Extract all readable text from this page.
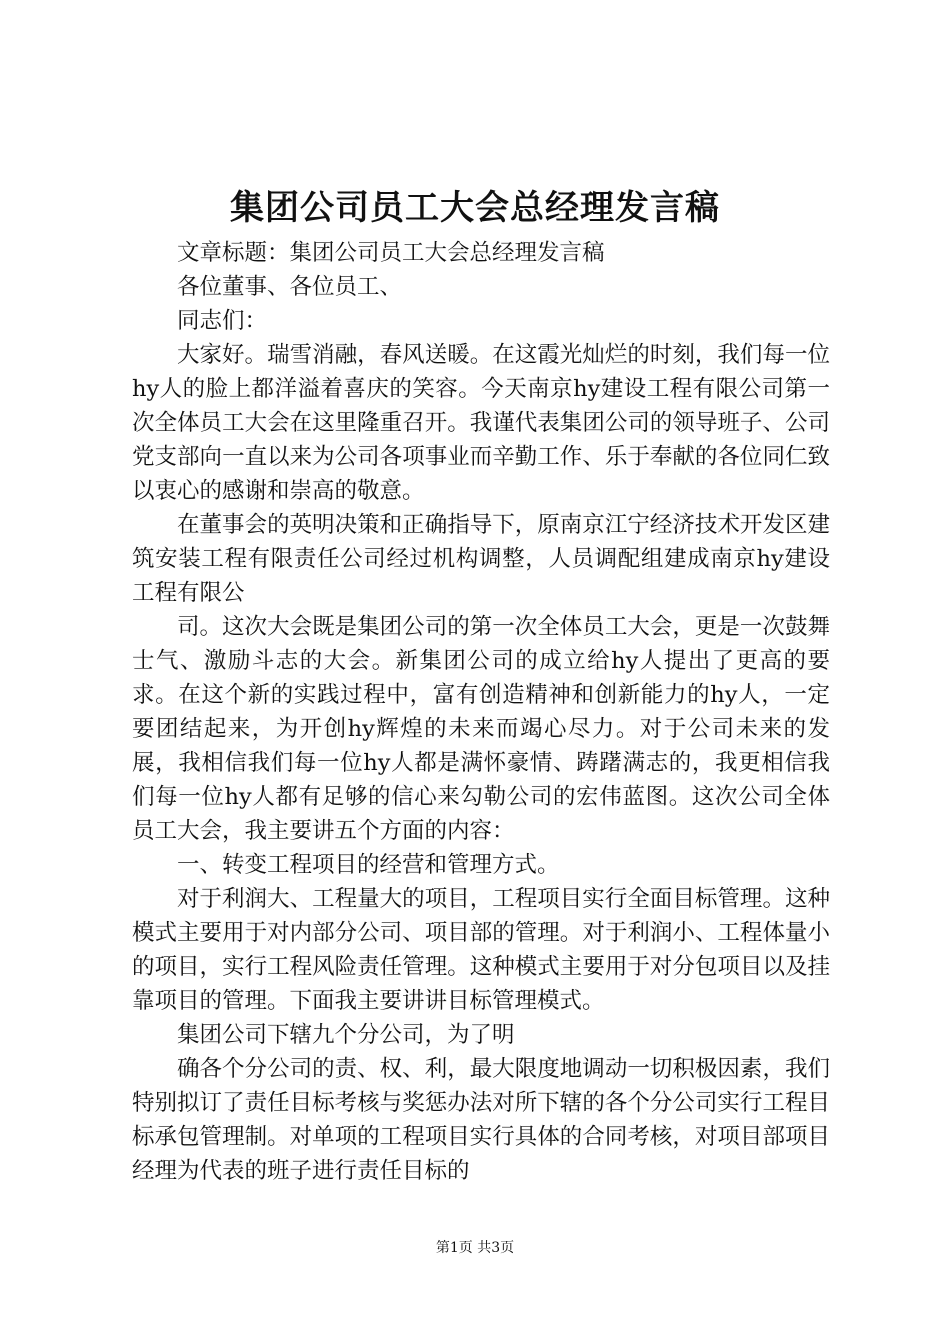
集团公司员工大会总经理发言稿

文章标题：集团公司员工大会总经理发言稿

各位董事、各位员工、

同志们：

大家好。瑞雪消融，春风送暖。在这霞光灿烂的时刻，我们每一位hy人的脸上都洋溢着喜庆的笑容。今天南京hy建设工程有限公司第一次全体员工大会在这里隆重召开。我谨代表集团公司的领导班子、公司党支部向一直以来为公司各项事业而辛勤工作、乐于奉献的各位同仁致以衷心的感谢和崇高的敬意。

在董事会的英明决策和正确指导下，原南京江宁经济技术开发区建筑安装工程有限责任公司经过机构调整，人员调配组建成南京hy建设工程有限公

司。这次大会既是集团公司的第一次全体员工大会，更是一次鼓舞士气、激励斗志的大会。新集团公司的成立给hy人提出了更高的要求。在这个新的实践过程中，富有创造精神和创新能力的hy人，一定要团结起来，为开创hy辉煌的未来而竭心尽力。对于公司未来的发展，我相信我们每一位hy人都是满怀豪情、踌躇满志的，我更相信我们每一位hy人都有足够的信心来勾勒公司的宏伟蓝图。这次公司全体员工大会，我主要讲五个方面的内容：

一、转变工程项目的经营和管理方式。

对于利润大、工程量大的项目，工程项目实行全面目标管理。这种模式主要用于对内部分公司、项目部的管理。对于利润小、工程体量小的项目，实行工程风险责任管理。这种模式主要用于对分包项目以及挂靠项目的管理。下面我主要讲讲目标管理模式。

集团公司下辖九个分公司，为了明

确各个分公司的责、权、利，最大限度地调动一切积极因素，我们特别拟订了责任目标考核与奖惩办法对所下辖的各个分公司实行工程目标承包管理制。对单项的工程项目实行具体的合同考核，对项目部项目经理为代表的班子进行责任目标的

第1页 共3页
